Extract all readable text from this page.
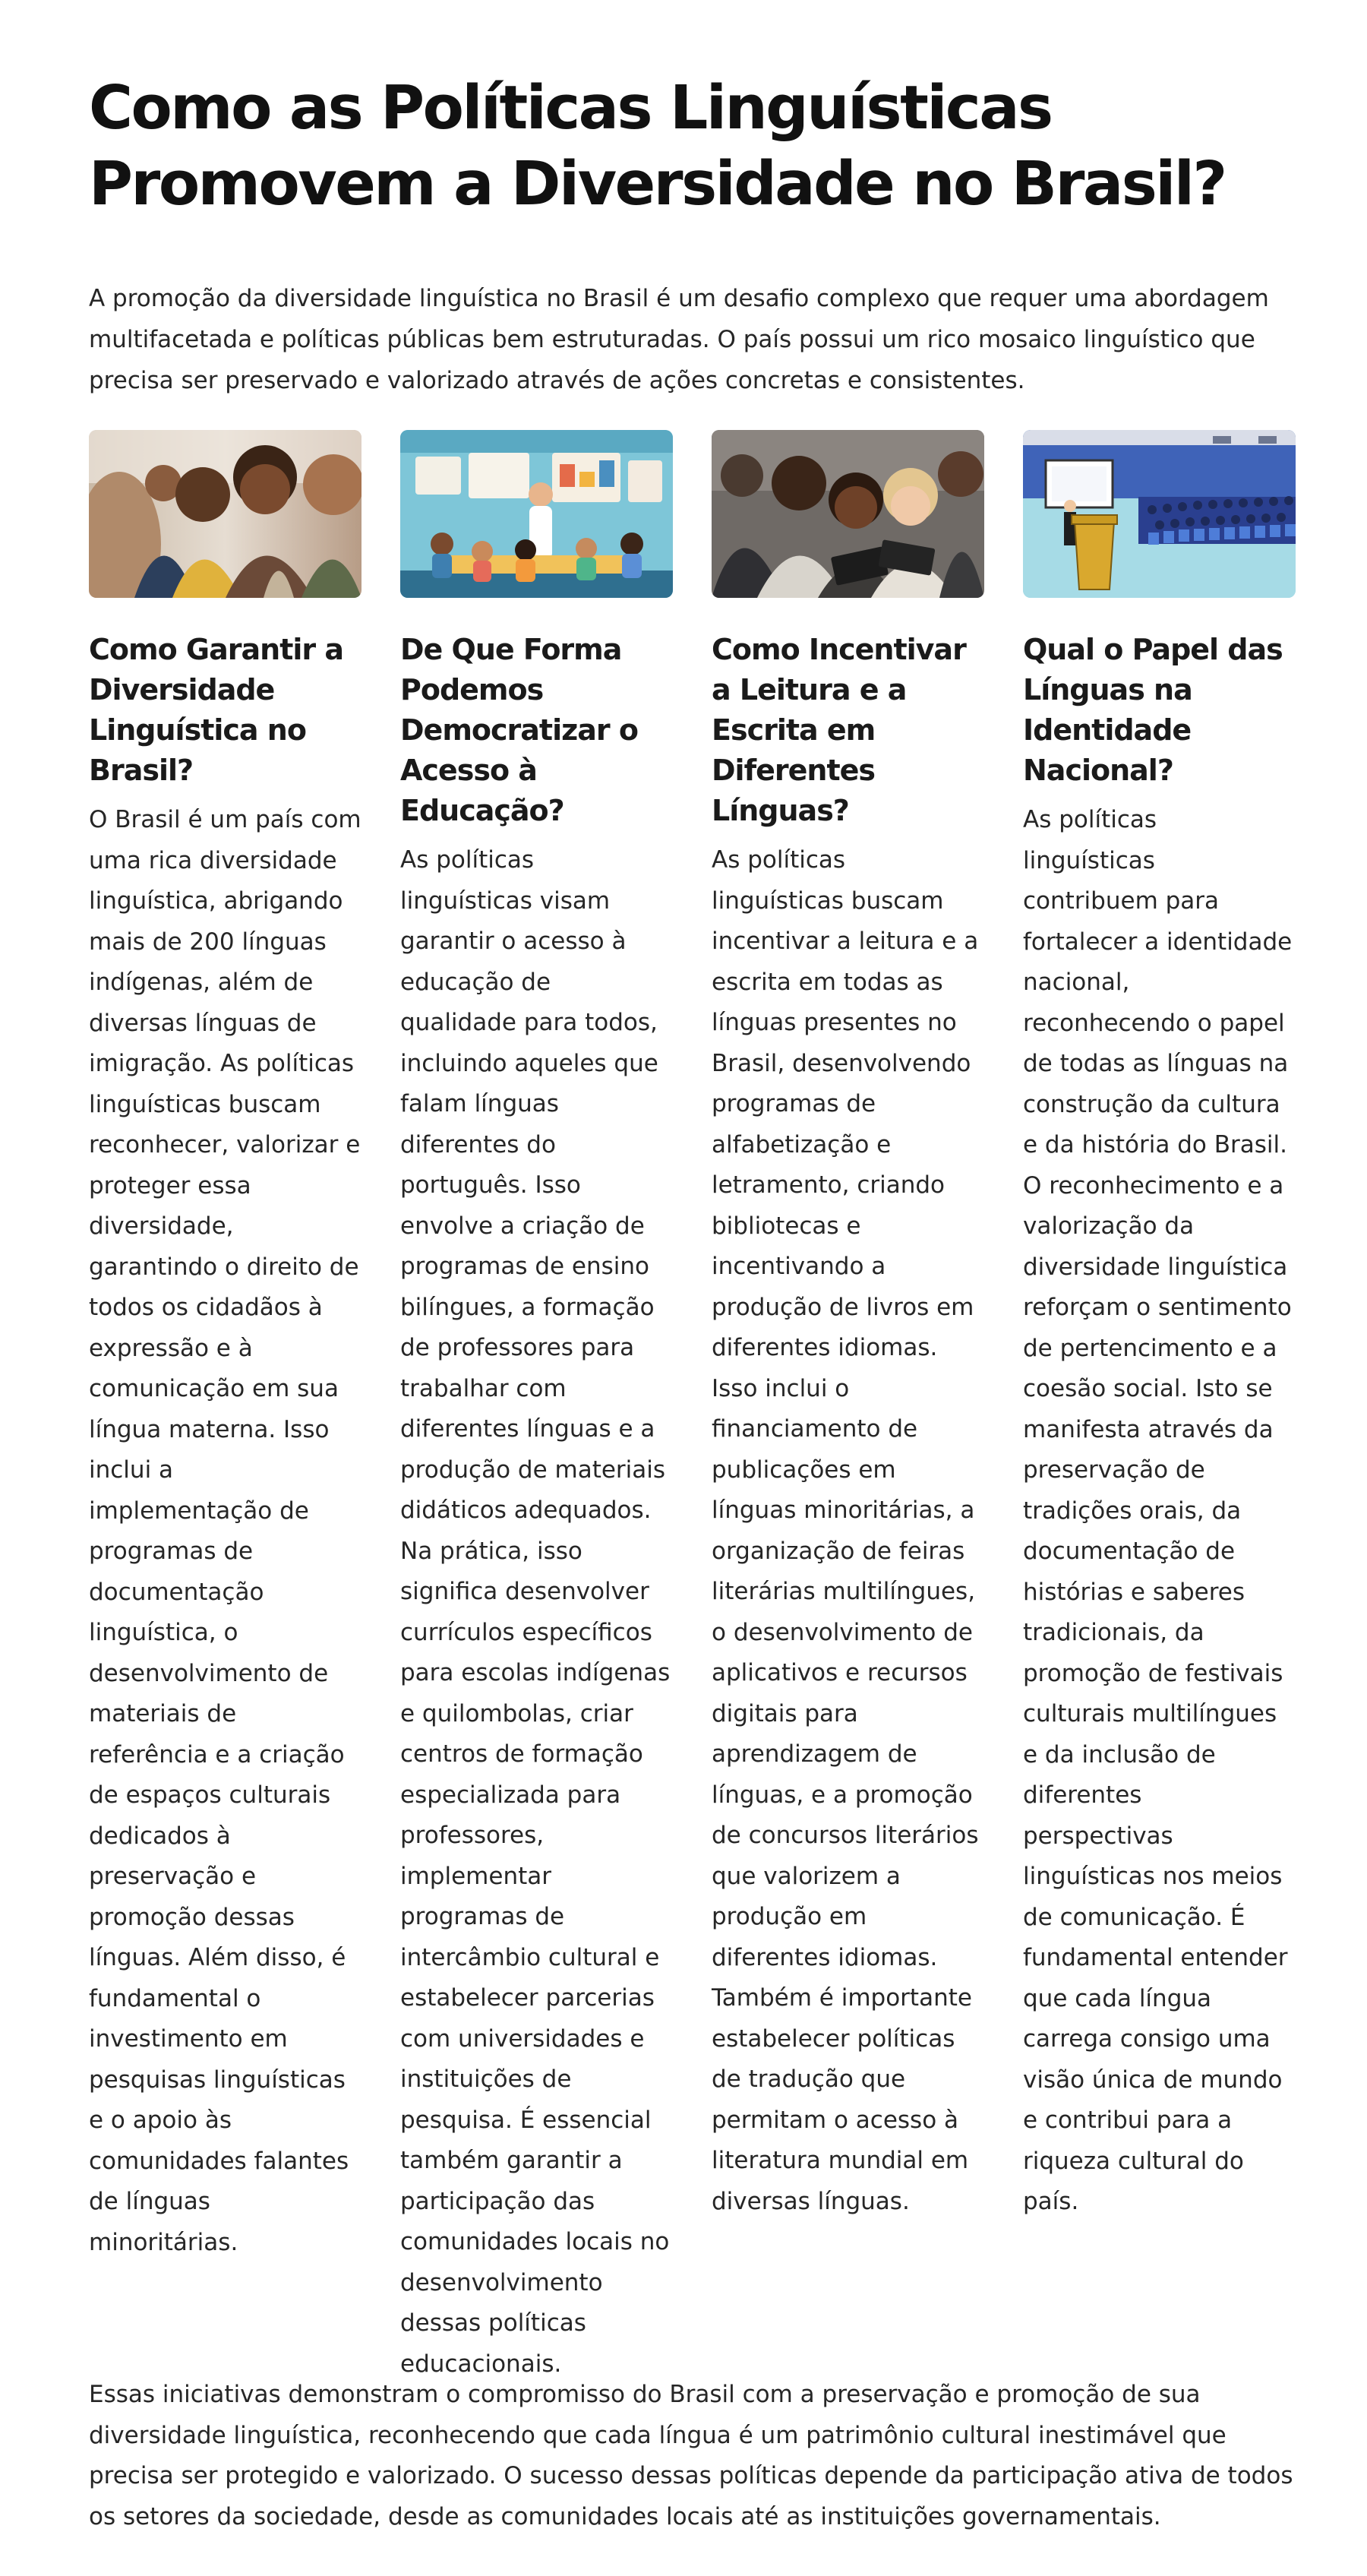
Como as Políticas Linguísticas Promovem a Diversidade no Brasil?

A promoção da diversidade linguística no Brasil é um desafio complexo que requer uma abordagem multifacetada e políticas públicas bem estruturadas. O país possui um rico mosaico linguístico que precisa ser preservado e valorizado através de ações concretas e consistentes.

Como Garantir a Diversidade Linguística no Brasil?

O Brasil é um país com uma rica diversidade linguística, abrigando mais de 200 línguas indígenas, além de diversas línguas de imigração. As políticas linguísticas buscam reconhecer, valorizar e proteger essa diversidade, garantindo o direito de todos os cidadãos à expressão e à comunicação em sua língua materna. Isso inclui a implementação de programas de documentação linguística, o desenvolvimento de materiais de referência e a criação de espaços culturais dedicados à preservação e promoção dessas línguas. Além disso, é fundamental o investimento em pesquisas linguísticas e o apoio às comunidades falantes de línguas minoritárias.

De Que Forma Podemos Democratizar o Acesso à Educação?

As políticas linguísticas visam garantir o acesso à educação de qualidade para todos, incluindo aqueles que falam línguas diferentes do português. Isso envolve a criação de programas de ensino bilíngues, a formação de professores para trabalhar com diferentes línguas e a produção de materiais didáticos adequados. Na prática, isso significa desenvolver currículos específicos para escolas indígenas e quilombolas, criar centros de formação especializada para professores, implementar programas de intercâmbio cultural e estabelecer parcerias com universidades e instituições de pesquisa. É essencial também garantir a participação das comunidades locais no desenvolvimento dessas políticas educacionais.

Como Incentivar a Leitura e a Escrita em Diferentes Línguas?

As políticas linguísticas buscam incentivar a leitura e a escrita em todas as línguas presentes no Brasil, desenvolvendo programas de alfabetização e letramento, criando bibliotecas e incentivando a produção de livros em diferentes idiomas. Isso inclui o financiamento de publicações em línguas minoritárias, a organização de feiras literárias multilíngues, o desenvolvimento de aplicativos e recursos digitais para aprendizagem de línguas, e a promoção de concursos literários que valorizem a produção em diferentes idiomas. Também é importante estabelecer políticas de tradução que permitam o acesso à literatura mundial em diversas línguas.

Qual o Papel das Línguas na Identidade Nacional?

As políticas linguísticas contribuem para fortalecer a identidade nacional, reconhecendo o papel de todas as línguas na construção da cultura e da história do Brasil. O reconhecimento e a valorização da diversidade linguística reforçam o sentimento de pertencimento e a coesão social. Isto se manifesta através da preservação de tradições orais, da documentação de histórias e saberes tradicionais, da promoção de festivais culturais multilíngues e da inclusão de diferentes perspectivas linguísticas nos meios de comunicação. É fundamental entender que cada língua carrega consigo uma visão única de mundo e contribui para a riqueza cultural do país.

Essas iniciativas demonstram o compromisso do Brasil com a preservação e promoção de sua diversidade linguística, reconhecendo que cada língua é um patrimônio cultural inestimável que precisa ser protegido e valorizado. O sucesso dessas políticas depende da participação ativa de todos os setores da sociedade, desde as comunidades locais até as instituições governamentais.
